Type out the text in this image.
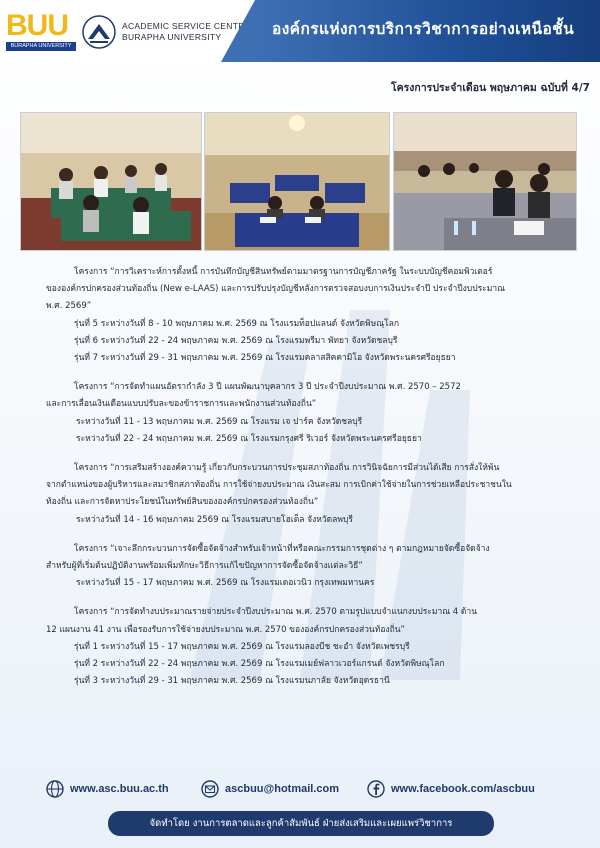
BUU
BURAPHA UNIVERSITY
ACADEMIC SERVICE CENTRE
BURAPHA UNIVERSITY	องค์กรแห่งการบริการวิชาการอย่างเหนือชั้น
โครงการประจำเดือน พฤษภาคม ฉบับที่ 4/7

โครงการ “การวิเคราะห์การตั้งหนี้ การบันทึกบัญชีสินทรัพย์ตามมาตรฐานการบัญชีภาครัฐ ในระบบบัญชีคอมพิวเตอร์

ขององค์กรปกครองส่วนท้องถิ่น (New e-LAAS) และการปรับปรุงบัญชีหลังการตรวจสอบงบการเงินประจำปี ประจำปีงบประมาณ

พ.ศ. 2569”

รุ่นที่ 5 ระหว่างวันที่ 8 - 10 พฤษภาคม พ.ศ. 2569 ณ โรงแรมท็อปแลนด์ จังหวัดพิษณุโลก

รุ่นที่ 6 ระหว่างวันที่ 22 - 24 พฤษภาคม พ.ศ. 2569 ณ โรงแรมพรีมา พัทยา จังหวัดชลบุรี

รุ่นที่ 7 ระหว่างวันที่ 29 - 31 พฤษภาคม พ.ศ. 2569 ณ โรงแรมคลาสสิคคามิโอ จังหวัดพระนครศรีอยุธยา

โครงการ “การจัดทำแผนอัตรากำลัง 3 ปี แผนพัฒนาบุคลากร 3 ปี ประจำปีงบประมาณ พ.ศ. 2570 – 2572

และการเลื่อนเงินเดือนแบบปรับละของข้าราชการและพนักงานส่วนท้องถิ่น”

ระหว่างวันที่ 11 - 13 พฤษภาคม พ.ศ. 2569 ณ โรงแรม เจ ปาร์ค จังหวัดชลบุรี

ระหว่างวันที่ 22 - 24 พฤษภาคม พ.ศ. 2569 ณ โรงแรมกรุงศรี ริเวอร์ จังหวัดพระนครศรีอยุธยา

โครงการ “การเสริมสร้างองค์ความรู้ เกี่ยวกับกระบวนการประชุมสภาท้องถิ่น การวินิจฉัยการมีส่วนได้เสีย การสั่งให้พ้น

จากตำแหน่งของผู้บริหารและสมาชิกสภาท้องถิ่น การใช้จ่ายงบประมาณ เงินสะสม การเบิกค่าใช้จ่ายในการช่วยเหลือประชาชนใน

ท้องถิ่น และการจัดหาประโยชน์ในทรัพย์สินขององค์กรปกครองส่วนท้องถิ่น”

ระหว่างวันที่ 14 - 16 พฤษภาคม 2569 ณ โรงแรมสบายโฮเต็ล จังหวัดลพบุรี

โครงการ “เจาะลึกกระบวนการจัดซื้อจัดจ้างสำหรับเจ้าหน้าที่หรือคณะกรรมการชุดต่าง ๆ ตามกฎหมายจัดซื้อจัดจ้าง

สำหรับผู้ที่เริ่มต้นปฏิบัติงานพร้อมเพิ่มทักษะวิธีการแก้ไขปัญหาการจัดซื้อจัดจ้างแต่ละวิธี”

ระหว่างวันที่ 15 - 17 พฤษภาคม พ.ศ. 2569 ณ โรงแรมเดอเวนิว กรุงเทพมหานคร

โครงการ “การจัดทำงบประมาณรายจ่ายประจำปีงบประมาณ พ.ศ. 2570 ตามรูปแบบจำแนกงบประมาณ 4 ด้าน

12 แผนงาน 41 งาน เพื่อรองรับการใช้จ่ายงบประมาณ พ.ศ. 2570 ขององค์กรปกครองส่วนท้องถิ่น”

รุ่นที่ 1 ระหว่างวันที่ 15 - 17 พฤษภาคม พ.ศ. 2569 ณ โรงแรมลองบีช ชะอำ จังหวัดเพชรบุรี

รุ่นที่ 2 ระหว่างวันที่ 22 - 24 พฤษภาคม พ.ศ. 2569 ณ โรงแรมเมย์ฟลาวเวอร์แกรนด์ จังหวัดพิษณุโลก

รุ่นที่ 3 ระหว่างวันที่ 29 - 31 พฤษภาคม พ.ศ. 2569 ณ โรงแรมนภาลัย จังหวัดอุดรธานี

www.asc.buu.ac.th	ascbuu@hotmail.com	www.facebook.com/ascbuu
จัดทำโดย งานการตลาดและลูกค้าสัมพันธ์ ฝ่ายส่งเสริมและเผยแพร่วิชาการ
